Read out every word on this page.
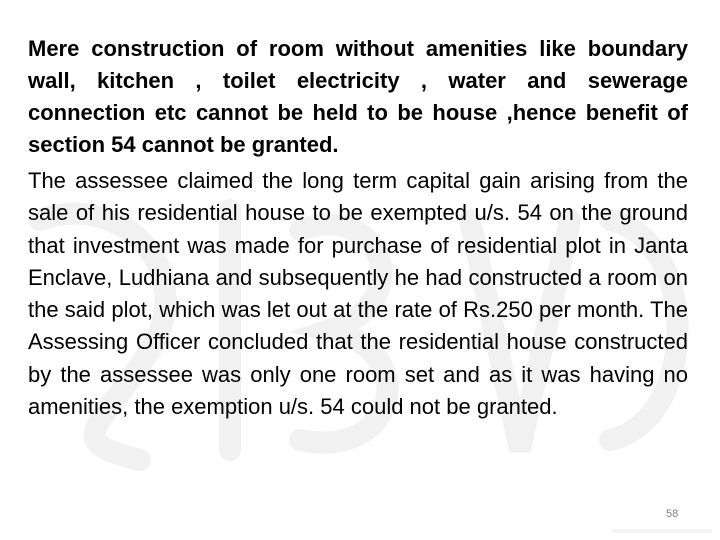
Mere construction of room without amenities like boundary wall, kitchen , toilet electricity , water and sewerage connection etc cannot be held to be house ,hence benefit of section 54 cannot be granted.

The assessee claimed the long term capital gain arising from the sale of his residential house to be exempted u/s. 54 on the ground that investment was made for purchase of residential plot in Janta Enclave, Ludhiana and subsequently he had constructed a room on the said plot, which was let out at the rate of Rs.250 per month. The Assessing Officer concluded that the residential house constructed by the assessee was only one room set and as it was having no amenities, the exemption u/s. 54 could not be granted.

58
